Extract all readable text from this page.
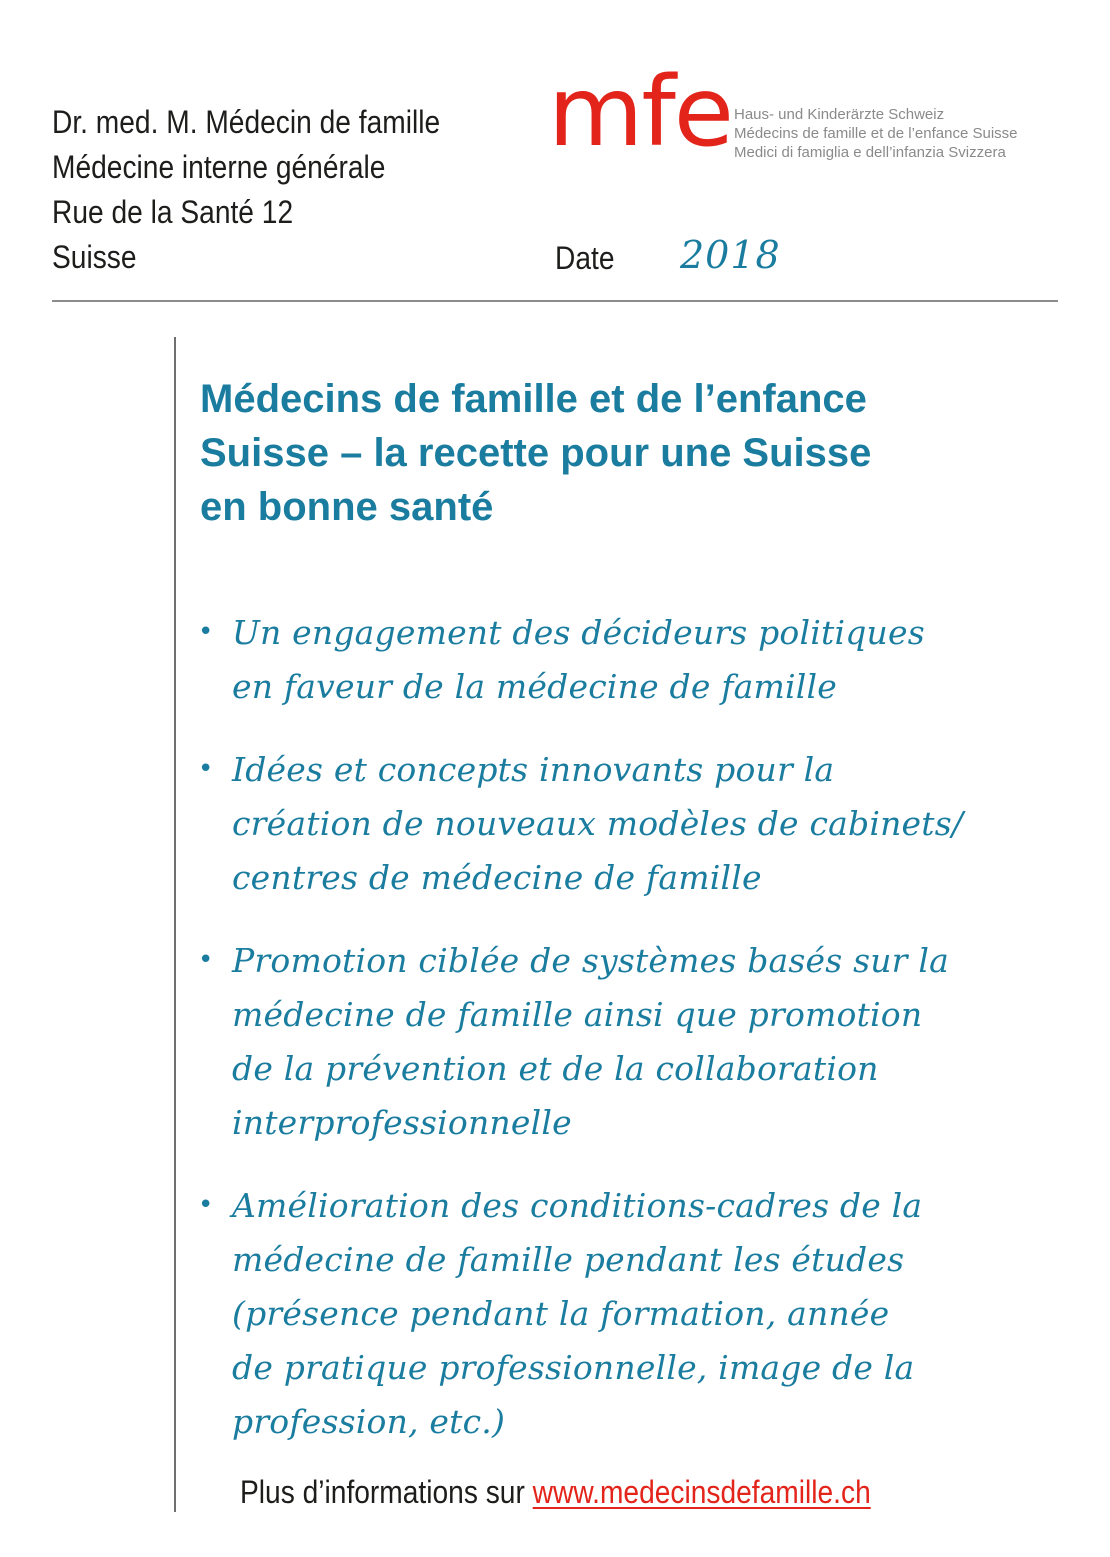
Dr. med. M. Médecin de famille
Médecine interne générale
Rue de la Santé 12
Suisse
mfe Haus- und Kinderärzte Schweiz
Médecins de famille et de l’enfance Suisse
Medici di famiglia e dell’infanzia Svizzera
Date 2018
Médecins de famille et de l’enfance
Suisse – la recette pour une Suisse
en bonne santé
• Un engagement des décideurs politiques
en faveur de la médecine de famille
• Idées et concepts innovants pour la
création de nouveaux modèles de cabinets/
centres de médecine de famille
• Promotion ciblée de systèmes basés sur la
médecine de famille ainsi que promotion
de la prévention et de la collaboration
interprofessionnelle
• Amélioration des conditions-cadres de la
médecine de famille pendant les études
(présence pendant la formation, année
de pratique professionnelle, image de la
profession, etc.)
Plus d’informations sur www.medecinsdefamille.ch
